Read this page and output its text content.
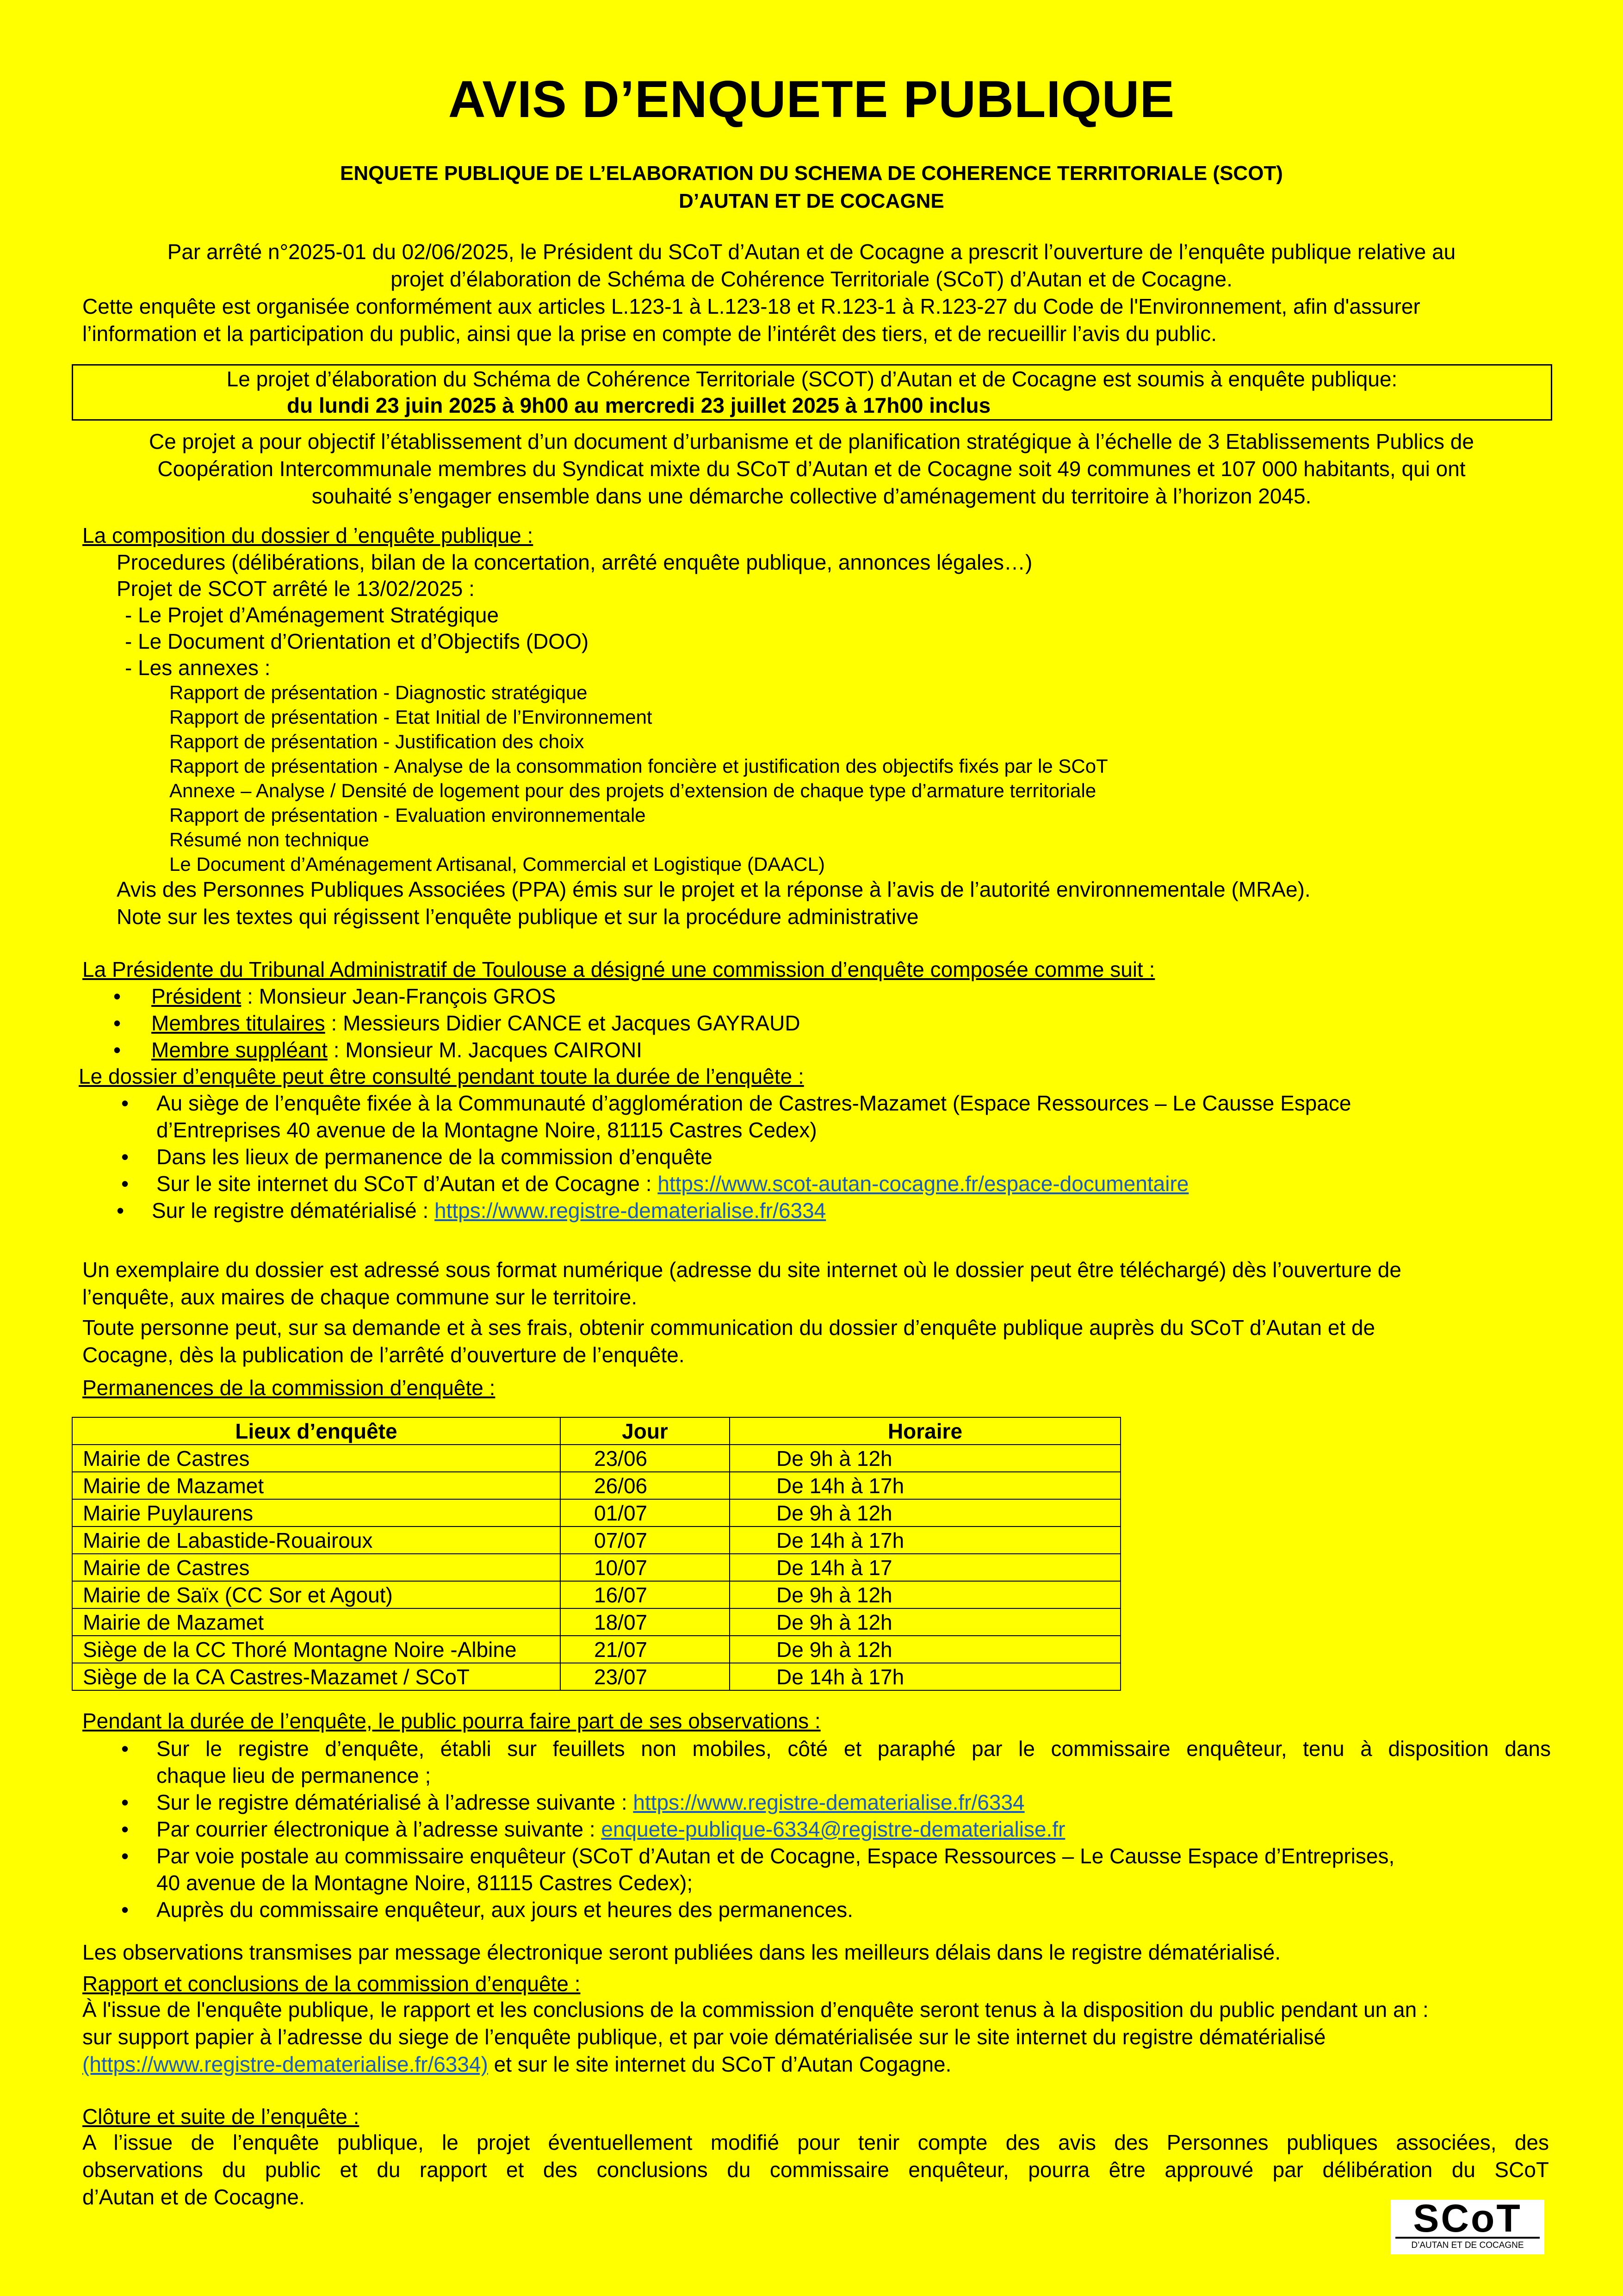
AVIS D’ENQUETE PUBLIQUE
ENQUETE PUBLIQUE DE L’ELABORATION DU SCHEMA DE COHERENCE TERRITORIALE (SCOT)
D’AUTAN ET DE COCAGNE
Par arrêté n°2025-01 du 02/06/2025, le Président du SCoT d’Autan et de Cocagne a prescrit l’ouverture de l’enquête publique relative au
projet d’élaboration de Schéma de Cohérence Territoriale (SCoT) d’Autan et de Cocagne.
Cette enquête est organisée conformément aux articles L.123-1 à L.123-18 et R.123-1 à R.123-27 du Code de l'Environnement, afin d'assurer
l’information et la participation du public, ainsi que la prise en compte de l’intérêt des tiers, et de recueillir l’avis du public.
Le projet d’élaboration du Schéma de Cohérence Territoriale (SCOT) d’Autan et de Cocagne est soumis à enquête publique:
du lundi 23 juin 2025 à 9h00 au mercredi 23 juillet 2025 à 17h00 inclus
Ce projet a pour objectif l’établissement d’un document d’urbanisme et de planification stratégique à l’échelle de 3 Etablissements Publics de
Coopération Intercommunale membres du Syndicat mixte du SCoT d’Autan et de Cocagne soit 49 communes et 107 000 habitants, qui ont
souhaité s’engager ensemble dans une démarche collective d’aménagement du territoire à l’horizon 2045.
La composition du dossier d ’enquête publique :
Procedures (délibérations, bilan de la concertation, arrêté enquête publique, annonces légales…)
Projet de SCOT arrêté le 13/02/2025 :
- Le Projet d’Aménagement Stratégique
- Le Document d’Orientation et d’Objectifs (DOO)
- Les annexes :
Rapport de présentation - Diagnostic stratégique
Rapport de présentation - Etat Initial de l’Environnement
Rapport de présentation - Justification des choix
Rapport de présentation - Analyse de la consommation foncière et justification des objectifs fixés par le SCoT
Annexe – Analyse / Densité de logement pour des projets d’extension de chaque type d’armature territoriale
Rapport de présentation - Evaluation environnementale
Résumé non technique
Le Document d’Aménagement Artisanal, Commercial et Logistique (DAACL)
Avis des Personnes Publiques Associées (PPA) émis sur le projet et la réponse à l’avis de l’autorité environnementale (MRAe).
Note sur les textes qui régissent l’enquête publique et sur la procédure administrative
La Présidente du Tribunal Administratif de Toulouse a désigné une commission d’enquête composée comme suit :
• Président : Monsieur Jean-François GROS
• Membres titulaires : Messieurs Didier CANCE et Jacques GAYRAUD
• Membre suppléant : Monsieur M. Jacques CAIRONI
Le dossier d’enquête peut être consulté pendant toute la durée de l’enquête :
• Au siège de l’enquête fixée à la Communauté d’agglomération de Castres-Mazamet (Espace Ressources – Le Causse Espace
d’Entreprises 40 avenue de la Montagne Noire, 81115 Castres Cedex)
• Dans les lieux de permanence de la commission d’enquête
• Sur le site internet du SCoT d’Autan et de Cocagne : https://www.scot-autan-cocagne.fr/espace-documentaire
• Sur le registre dématérialisé : https://www.registre-dematerialise.fr/6334
Un exemplaire du dossier est adressé sous format numérique (adresse du site internet où le dossier peut être téléchargé) dès l’ouverture de
l’enquête, aux maires de chaque commune sur le territoire.
Toute personne peut, sur sa demande et à ses frais, obtenir communication du dossier d’enquête publique auprès du SCoT d’Autan et de
Cocagne, dès la publication de l’arrêté d’ouverture de l’enquête.
Permanences de la commission d’enquête :
Lieux d’enquête	Jour	Horaire
Mairie de Castres	23/06	De 9h à 12h
Mairie de Mazamet	26/06	De 14h à 17h
Mairie Puylaurens	01/07	De 9h à 12h
Mairie de Labastide-Rouairoux	07/07	De 14h à 17h
Mairie de Castres	10/07	De 14h à 17
Mairie de Saïx (CC Sor et Agout)	16/07	De 9h à 12h
Mairie de Mazamet	18/07	De 9h à 12h
Siège de la CC Thoré Montagne Noire -Albine	21/07	De 9h à 12h
Siège de la CA Castres-Mazamet / SCoT	23/07	De 14h à 17h
Pendant la durée de l’enquête, le public pourra faire part de ses observations :
• Sur le registre d’enquête, établi sur feuillets non mobiles, côté et paraphé par le commissaire enquêteur, tenu à disposition dans
chaque lieu de permanence ;
• Sur le registre dématérialisé à l’adresse suivante : https://www.registre-dematerialise.fr/6334
• Par courrier électronique à l’adresse suivante : enquete-publique-6334@registre-dematerialise.fr
• Par voie postale au commissaire enquêteur (SCoT d’Autan et de Cocagne, Espace Ressources – Le Causse Espace d’Entreprises,
40 avenue de la Montagne Noire, 81115 Castres Cedex);
• Auprès du commissaire enquêteur, aux jours et heures des permanences.
Les observations transmises par message électronique seront publiées dans les meilleurs délais dans le registre dématérialisé.
Rapport et conclusions de la commission d’enquête :
À l'issue de l'enquête publique, le rapport et les conclusions de la commission d’enquête seront tenus à la disposition du public pendant un an :
sur support papier à l’adresse du siege de l’enquête publique, et par voie dématérialisée sur le site internet du registre dématérialisé
(https://www.registre-dematerialise.fr/6334) et sur le site internet du SCoT d’Autan Cogagne.
Clôture et suite de l’enquête :
A l’issue de l’enquête publique, le projet éventuellement modifié pour tenir compte des avis des Personnes publiques associées, des
observations du public et du rapport et des conclusions du commissaire enquêteur, pourra être approuvé par délibération du SCoT
d’Autan et de Cocagne.	SCoT
D’AUTAN ET DE COCAGNE
